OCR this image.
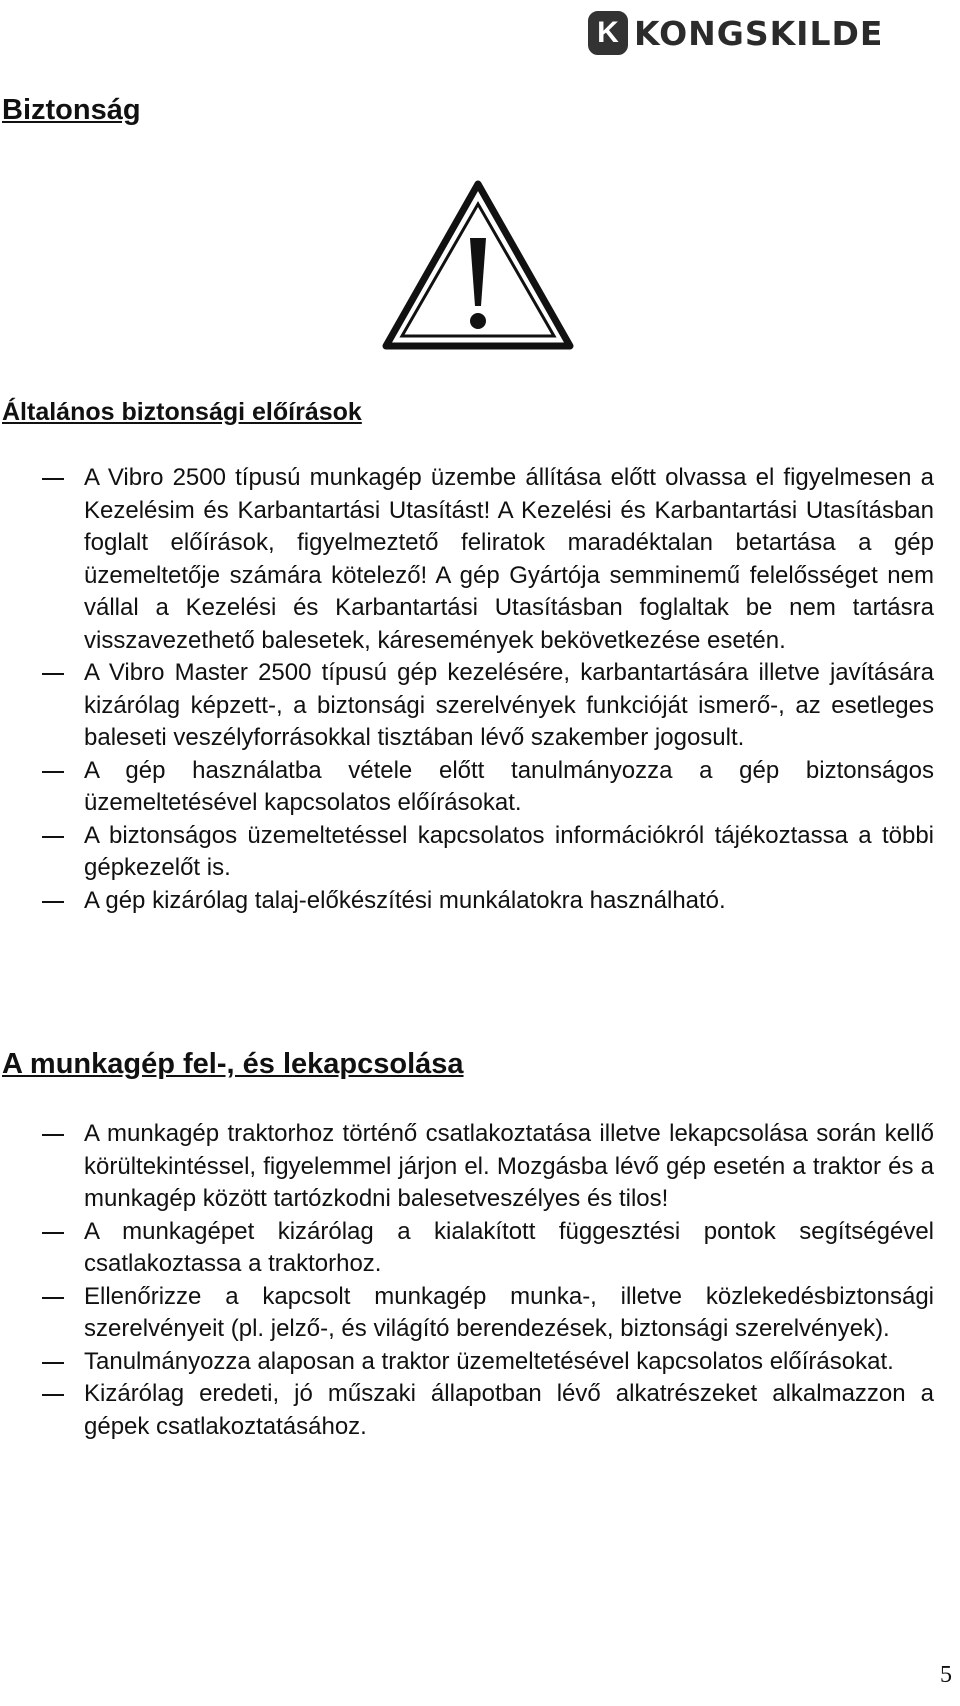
K KONGSKILDE
Biztonság
Általános biztonsági előírások
A Vibro 2500 típusú munkagép üzembe állítása előtt olvassa el figyelmesen a Kezelésim és Karbantartási Utasítást! A Kezelési és Karbantartási Utasításban foglalt előírások, figyelmeztető feliratok maradéktalan betartása a gép üzemeltetője számára kötelező! A gép Gyártója semminemű felelősséget nem vállal a Kezelési és Karbantartási Utasításban foglaltak be nem tartásra visszavezethető balesetek, káresemények bekövetkezése esetén.
A Vibro Master 2500 típusú gép kezelésére, karbantartására illetve javítására kizárólag képzett-, a biztonsági szerelvények funkcióját ismerő-, az esetleges baleseti veszélyforrásokkal tisztában lévő szakember jogosult.
A gép használatba vétele előtt tanulmányozza a gép biztonságos üzemeltetésével kapcsolatos előírásokat.
A biztonságos üzemeltetéssel kapcsolatos információkról tájékoztassa a többi gépkezelőt is.
A gép kizárólag talaj-előkészítési munkálatokra használható.
A munkagép fel-, és lekapcsolása
A munkagép traktorhoz történő csatlakoztatása illetve lekapcsolása során kellő körültekintéssel, figyelemmel járjon el. Mozgásba lévő gép esetén a traktor és a munkagép között tartózkodni balesetveszélyes és tilos!
A munkagépet kizárólag a kialakított függesztési pontok segítségével csatlakoztassa a traktorhoz.
Ellenőrizze a kapcsolt munkagép munka-, illetve közlekedésbiztonsági szerelvényeit (pl. jelző-, és világító berendezések, biztonsági szerelvények).
Tanulmányozza alaposan a traktor üzemeltetésével kapcsolatos előírásokat.
Kizárólag eredeti, jó műszaki állapotban lévő alkatrészeket alkalmazzon a gépek csatlakoztatásához.
5
